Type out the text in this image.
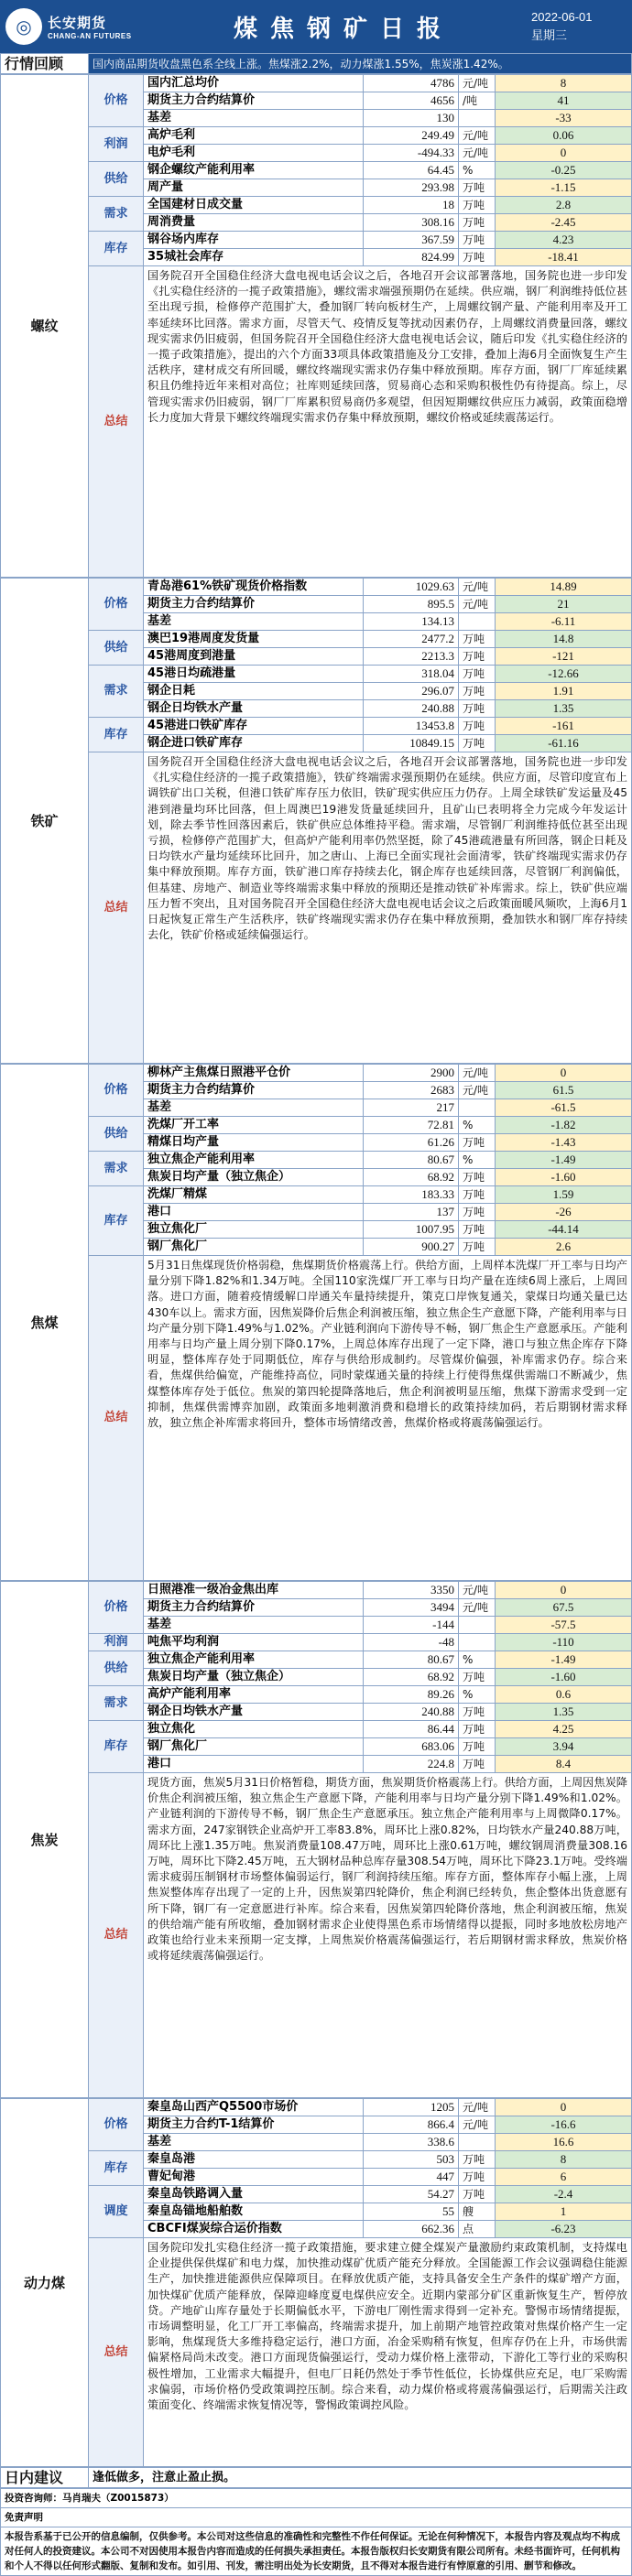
◎	长安期货
CHANG-AN FUTURES	煤焦钢矿日报	2022-06-01
星期三
行情回顾	国内商品期货收盘黑色系全线上涨。焦煤涨2.2%，动力煤涨1.55%，焦炭涨1.42%。
螺纹	价格	国内汇总均价	4786	元/吨	8
		期货主力合约结算价	4656	/吨	41
		基差	130		-33
	利润	高炉毛利	249.49	元/吨	0.06
		电炉毛利	-494.33	元/吨	0
	供给	钢企螺纹产能利用率	64.45	%	-0.25
		周产量	293.98	万吨	-1.15
	需求	全国建材日成交量	18	万吨	2.8
		周消费量	308.16	万吨	-2.45
	库存	钢谷场内库存	367.59	万吨	4.23
		35城社会库存	824.99	万吨	-18.41
	总结	国务院召开全国稳住经济大盘电视电话会议之后，各地召开会议部署落地，国务院也进一步印发《扎实稳住经济的一揽子政策措施》，螺纹需求端强预期仍在延续。供应端，钢厂利润维持低位甚至出现亏损，检修停产范围扩大，叠加钢厂转向板材生产，上周螺纹钢产量、产能利用率及开工率延续环比回落。需求方面，尽管天气、疫情反复等扰动因素仍存，上周螺纹消费量回落，螺纹现实需求仍旧疲弱，但国务院召开全国稳住经济大盘电视电话会议，随后印发《扎实稳住经济的一揽子政策措施》，提出的六个方面33项具体政策措施及分工安排，叠加上海6月全面恢复生产生活秩序，建材成交有所回暖，螺纹终端现实需求仍存集中释放预期。库存方面，钢厂厂库延续累积且仍维持近年来相对高位；社库则延续回落，贸易商心态和采购积极性仍有待提高。综上，尽管现实需求仍旧疲弱，钢厂厂库累积贸易商仍多观望，但因短期螺纹供应压力减弱，政策面稳增长力度加大背景下螺纹终端现实需求仍存集中释放预期，螺纹价格或延续震荡运行。			
铁矿	价格	青岛港61%铁矿现货价格指数	1029.63	元/吨	14.89
		期货主力合约结算价	895.5	元/吨	21
		基差	134.13		-6.11
	供给	澳巴19港周度发货量	2477.2	万吨	14.8
		45港周度到港量	2213.3	万吨	-121
	需求	45港日均疏港量	318.04	万吨	-12.66
		钢企日耗	296.07	万吨	1.91
		钢企日均铁水产量	240.88	万吨	1.35
	库存	45港进口铁矿库存	13453.8	万吨	-161
		钢企进口铁矿库存	10849.15	万吨	-61.16
	总结	国务院召开全国稳住经济大盘电视电话会议之后，各地召开会议部署落地，国务院也进一步印发《扎实稳住经济的一揽子政策措施》，铁矿终端需求强预期仍在延续。供应方面，尽管印度宣布上调铁矿出口关税，但港口铁矿库存压力依旧，铁矿现实供应压力仍存。上周全球铁矿发运量及45港到港量均环比回落，但上周澳巴19港发货量延续回升，且矿山已表明将全力完成今年发运计划，除去季节性回落因素后，铁矿供应总体维持平稳。需求端，尽管钢厂利润维持低位甚至出现亏损，检修停产范围扩大，但高炉产能利用率仍然坚挺，除了45港疏港量有所回落，钢企日耗及日均铁水产量均延续环比回升，加之唐山、上海已全面实现社会面清零，铁矿终端现实需求仍存集中释放预期。库存方面，铁矿港口库存持续去化，钢企库存也延续回落，尽管钢厂利润偏低，但基建、房地产、制造业等终端需求集中释放的预期还是推动铁矿补库需求。综上，铁矿供应端压力暂不突出，且对国务院召开全国稳住经济大盘电视电话会议之后政策面暖风频吹，上海6月1日起恢复正常生产生活秩序，铁矿终端现实需求仍存在集中释放预期，叠加铁水和钢厂库存持续去化，铁矿价格或延续偏强运行。			
焦煤	价格	柳林产主焦煤日照港平仓价	2900	元/吨	0
		期货主力合约结算价	2683	元/吨	61.5
		基差	217		-61.5
	供给	洗煤厂开工率	72.81	%	-1.82
		精煤日均产量	61.26	万吨	-1.43
	需求	独立焦企产能利用率	80.67	%	-1.49
		焦炭日均产量（独立焦企）	68.92	万吨	-1.60
	库存	洗煤厂精煤	183.33	万吨	1.59
		港口	137	万吨	-26
		独立焦化厂	1007.95	万吨	-44.14
		钢厂焦化厂	900.27	万吨	2.6
	总结	5月31日焦煤现货价格弱稳，焦煤期货价格震荡上行。供给方面，上周样本洗煤厂开工率与日均产量分别下降1.82%和1.34万吨。全国110家洗煤厂开工率与日均产量在连续6周上涨后，上周回落。进口方面，随着疫情缓解口岸通关车量持续提升，策克口岸恢复通关，蒙煤日均通关量已达430车以上。需求方面，因焦炭降价后焦企利润被压缩，独立焦企生产意愿下降，产能利用率与日均产量分别下降1.49%与1.02%。产业链利润向下游传导不畅，钢厂焦企生产意愿承压。产能利用率与日均产量上周分别下降0.17%，上周总体库存出现了一定下降，港口与独立焦企库存下降明显，整体库存处于同期低位，库存与供给形成制约。尽管煤价偏强，补库需求仍存。综合来看，焦煤供给偏宽，产能维持高位，同时蒙煤通关量的持续上行使得焦煤供需端口不断减少，焦煤整体库存处于低位。焦炭的第四轮提降落地后，焦企利润被明显压缩，焦煤下游需求受到一定抑制，焦煤供需博弈加剧，政策面多地刺激消费和稳增长的政策持续加码，若后期钢材需求释放，独立焦企补库需求将回升，整体市场情绪改善，焦煤价格或将震荡偏强运行。			
焦炭	价格	日照港准一级冶金焦出库	3350	元/吨	0
		期货主力合约结算价	3494	元/吨	67.5
		基差	-144		-57.5
	利润	吨焦平均利润	-48		-110
	供给	独立焦企产能利用率	80.67	%	-1.49
		焦炭日均产量（独立焦企）	68.92	万吨	-1.60
	需求	高炉产能利用率	89.26	%	0.6
		钢企日均铁水产量	240.88	万吨	1.35
	库存	独立焦化	86.44	万吨	4.25
		钢厂焦化厂	683.06	万吨	3.94
		港口	224.8	万吨	8.4
	总结	现货方面，焦炭5月31日价格暂稳，期货方面，焦炭期货价格震荡上行。供给方面，上周因焦炭降价焦企利润被压缩，独立焦企生产意愿下降，产能利用率与日均产量分别下降1.49%和1.02%。产业链利润的下游传导不畅，钢厂焦企生产意愿承压。独立焦企产能利用率与上周微降0.17%。需求方面，247家钢铁企业高炉开工率83.8%，周环比上涨0.82%，日均铁水产量240.88万吨，周环比上涨1.35万吨。焦炭消费量108.47万吨，周环比上涨0.61万吨，螺纹钢周消费量308.16万吨，周环比下降2.45万吨，五大钢材品种总库存量308.54万吨，周环比下降23.1万吨。受终端需求疲弱压制钢材市场整体偏弱运行，钢厂利润持续压缩。库存方面，整体库存小幅上涨，上周焦炭整体库存出现了一定的上升，因焦炭第四轮降价，焦企利润已经转负，焦企整体出货意愿有所下降，钢厂有一定意愿进行补库。综合来看，因焦炭第四轮降价落地，焦企利润被压缩，焦炭的供给端产能有所收缩，叠加钢材需求企业使得黑色系市场情绪得以提振，同时多地放松房地产政策也给行业未来预期一定支撑，上周焦炭价格震荡偏强运行，若后期钢材需求释放，焦炭价格或将延续震荡偏强运行。			
动力煤	价格	秦皇岛山西产Q5500市场价	1205	元/吨	0
		期货主力合约T-1结算价	866.4	元/吨	-16.6
		基差	338.6		16.6
	库存	秦皇岛港	503	万吨	8
		曹妃甸港	447	万吨	6
	调度	秦皇岛铁路调入量	54.27	万吨	-2.4
		秦皇岛锚地船舶数	55	艘	1
		CBCFI煤炭综合运价指数	662.36	点	-6.23
	总结	国务院印发扎实稳住经济一揽子政策措施，要求建立健全煤炭产量激励约束政策机制，支持煤电企业提供保供煤矿和电力煤，加快推动煤矿优质产能充分释放。全国能源工作会议强调稳住能源生产，加快推进能源供应保障项目。在释放优质产能，支持具备安全生产条件的煤矿增产方面，加快煤矿优质产能释放，保障迎峰度夏电煤供应安全。近期内蒙部分矿区重新恢复生产，暂停放贷。产地矿山库存量处于长期偏低水平，下游电厂刚性需求得到一定补充。警惕市场情绪提振，市场调整明显，化工厂开工率偏高，终端需求提升，加上前期产地管控政策对焦煤价格产生一定影响，焦煤现货大多维持稳定运行，港口方面，冶金采购稍有恢复，但库存仍在上升，市场供需偏紧格局尚未改变。港口方面现货偏强运行，受动力煤价格上涨带动，下游化工等行业的采购积极性增加，工业需求大幅提升，但电厂日耗仍然处于季节性低位，长协煤供应充足，电厂采购需求偏弱，市场价格仍受政策调控压制。综合来看，动力煤价格或将震荡偏强运行，后期需关注政策面变化、终端需求恢复情况等，警惕政策调控风险。			
日内建议	逢低做多，注意止盈止损。
投资咨询师：马肖瑞夫（Z0015873）
免责声明
本报告系基于已公开的信息编制，仅供参考。本公司对这些信息的准确性和完整性不作任何保证。无论在何种情况下，本报告内容及观点均不构成对任何人的投资建议。本公司不对因使用本报告内容而造成的任何损失承担责任。本报告版权归长安期货有限公司所有。未经书面许可，任何机构和个人不得以任何形式翻版、复制和发布。如引用、刊发，需注明出处为长安期货，且不得对本报告进行有悖原意的引用、删节和修改。
